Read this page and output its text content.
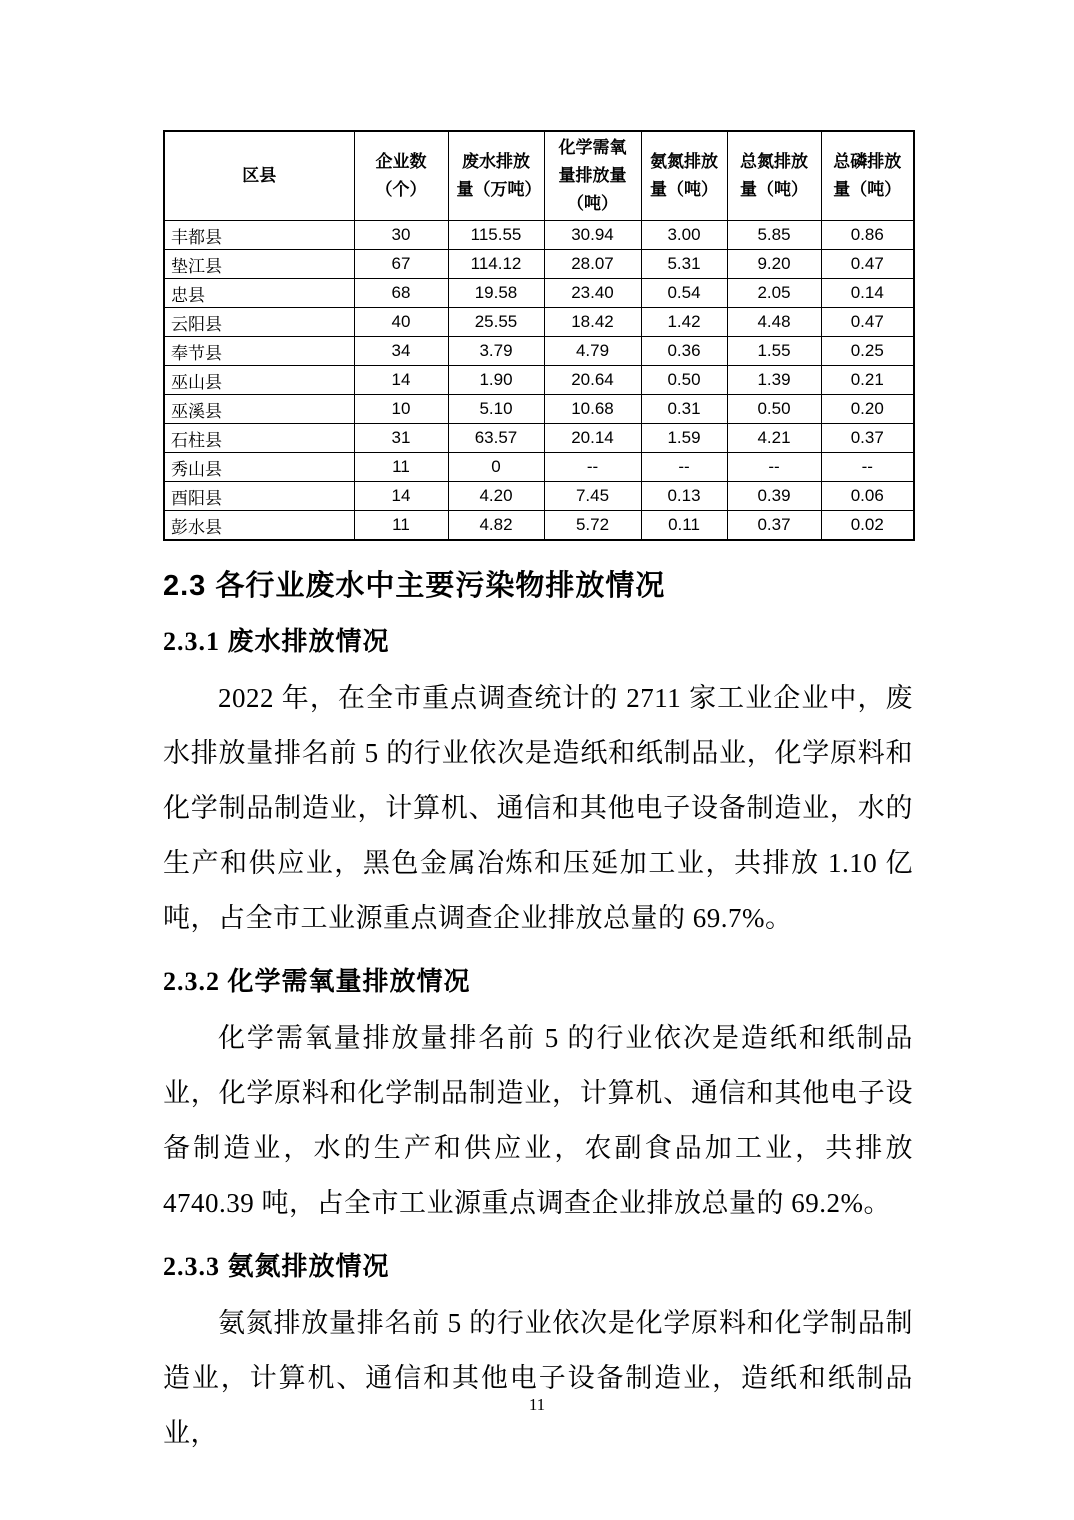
区县	企业数（个）	废水排放量（万吨）	化学需氧量排放量（吨）	氨氮排放量（吨）	总氮排放量（吨）	总磷排放量（吨）
丰都县	30	115.55	30.94	3.00	5.85	0.86
垫江县	67	114.12	28.07	5.31	9.20	0.47
忠县	68	19.58	23.40	0.54	2.05	0.14
云阳县	40	25.55	18.42	1.42	4.48	0.47
奉节县	34	3.79	4.79	0.36	1.55	0.25
巫山县	14	1.90	20.64	0.50	1.39	0.21
巫溪县	10	5.10	10.68	0.31	0.50	0.20
石柱县	31	63.57	20.14	1.59	4.21	0.37
秀山县	11	0	--	--	--	--
酉阳县	14	4.20	7.45	0.13	0.39	0.06
彭水县	11	4.82	5.72	0.11	0.37	0.02
2.3 各行业废水中主要污染物排放情况
2.3.1 废水排放情况

2022 年，在全市重点调查统计的 2711 家工业企业中，废水排放量排名前 5 的行业依次是造纸和纸制品业，化学原料和化学制品制造业，计算机、通信和其他电子设备制造业，水的生产和供应业，黑色金属冶炼和压延加工业，共排放 1.10 亿吨，占全市工业源重点调查企业排放总量的 69.7%。

2.3.2 化学需氧量排放情况

化学需氧量排放量排名前 5 的行业依次是造纸和纸制品业，化学原料和化学制品制造业，计算机、通信和其他电子设备制造业，水的生产和供应业，农副食品加工业，共排放 4740.39 吨，占全市工业源重点调查企业排放总量的 69.2%。

2.3.3 氨氮排放情况

氨氮排放量排名前 5 的行业依次是化学原料和化学制品制造业，计算机、通信和其他电子设备制造业，造纸和纸制品业，

11
